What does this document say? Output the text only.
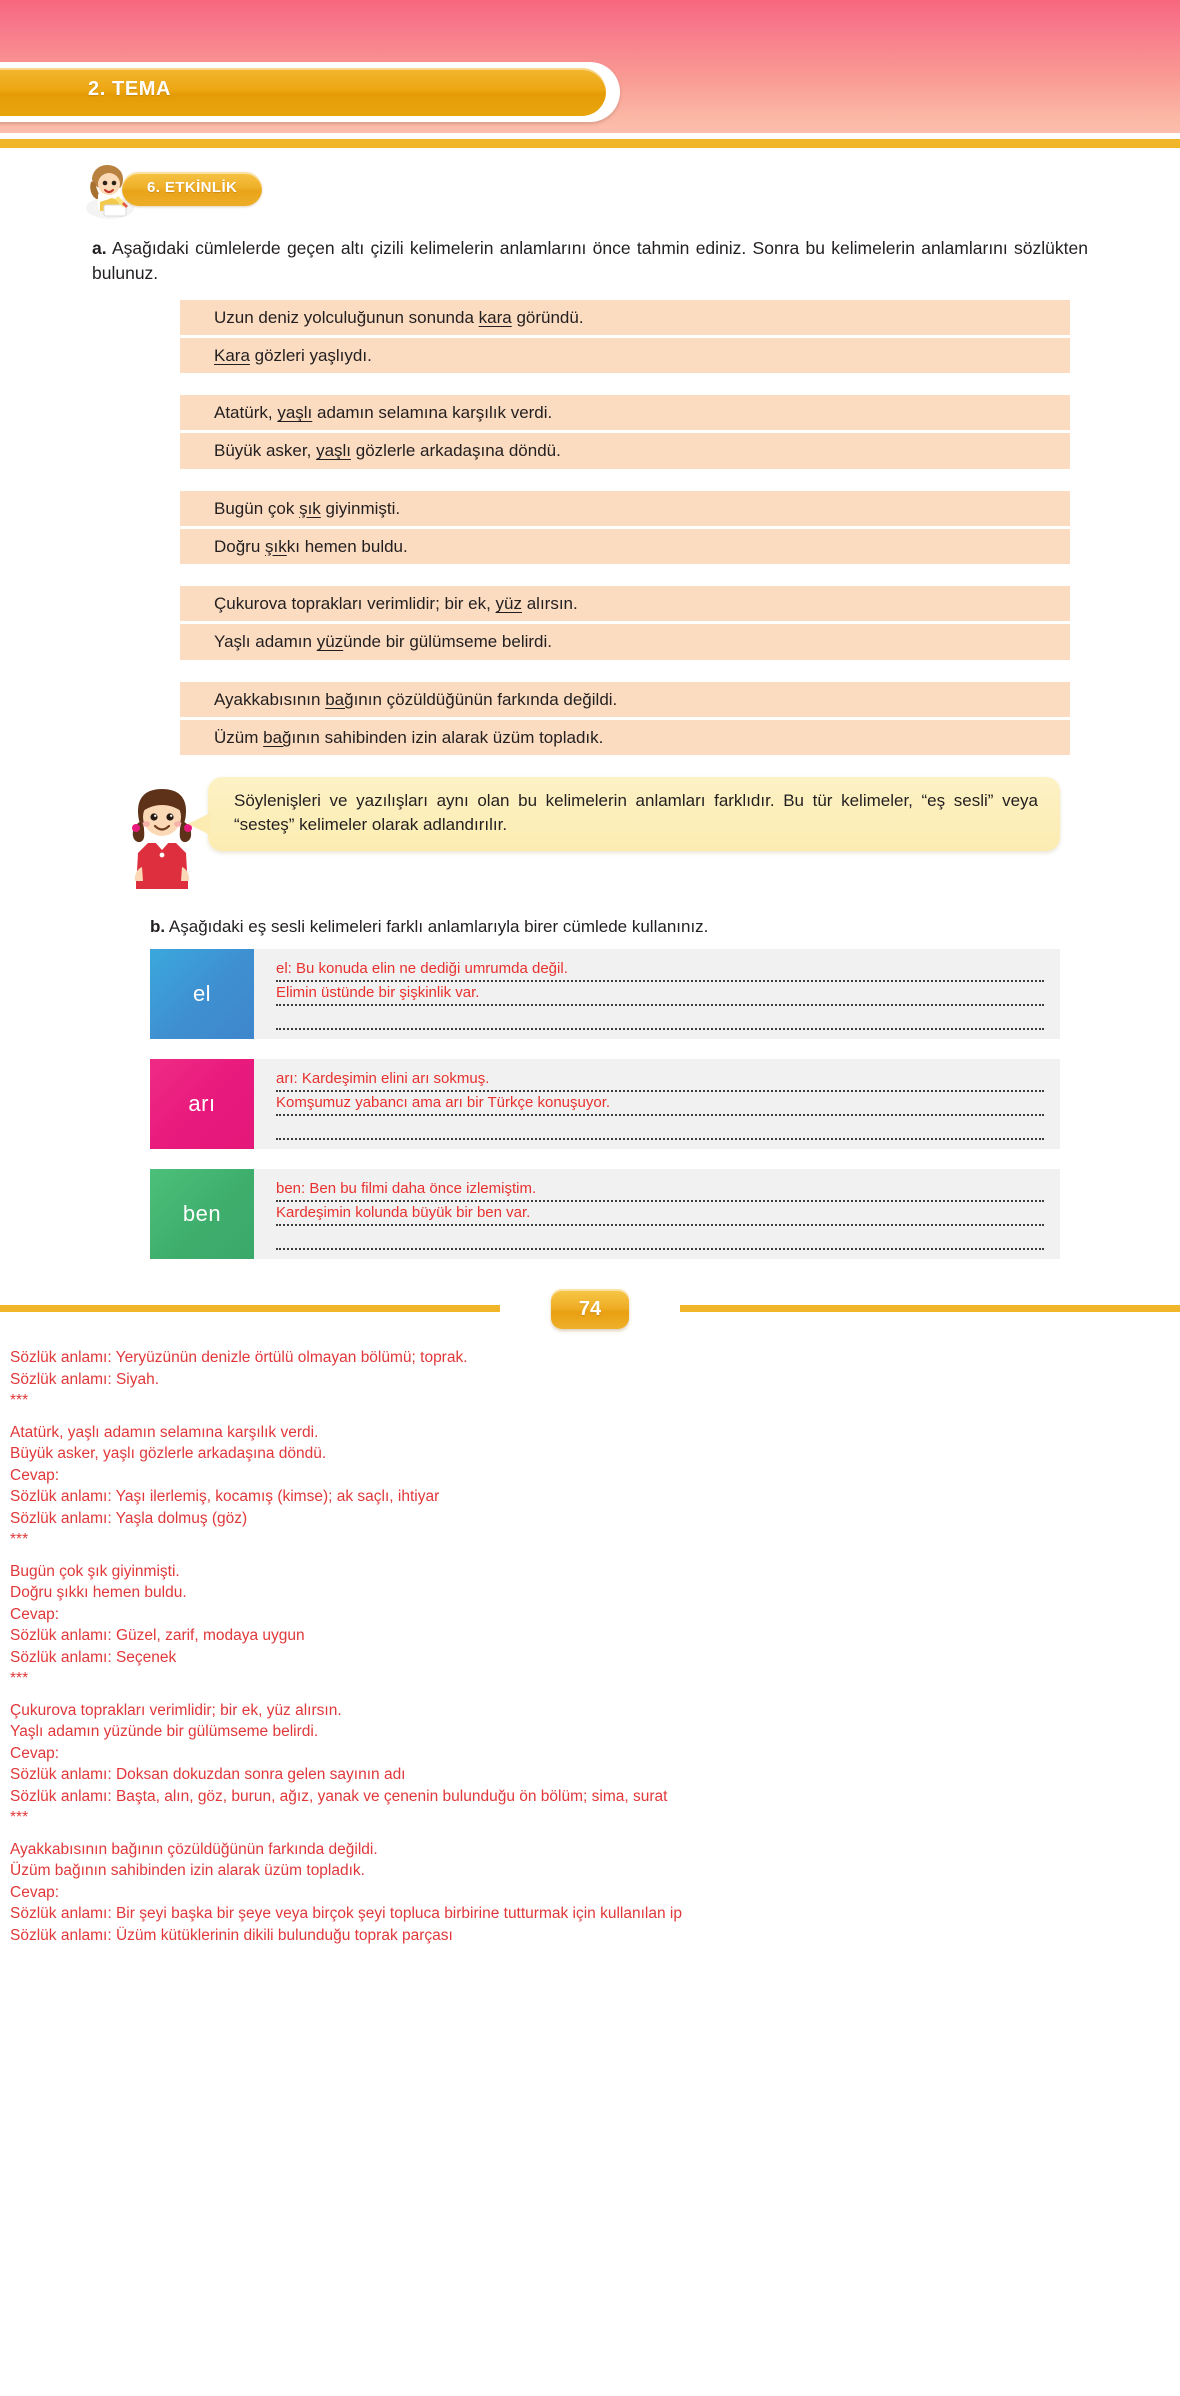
2. TEMA
6. ETKİNLİK
a. Aşağıdaki cümlelerde geçen altı çizili kelimelerin anlamlarını önce tahmin ediniz. Sonra bu kelimelerin anlamlarını sözlükten bulunuz.
Uzun deniz yolculuğunun sonunda kara göründü.
Kara gözleri yaşlıydı.
Atatürk, yaşlı adamın selamına karşılık verdi.
Büyük asker, yaşlı gözlerle arkadaşına döndü.
Bugün çok şık giyinmişti.
Doğru şıkkı hemen buldu.
Çukurova toprakları verimlidir; bir ek, yüz alırsın.
Yaşlı adamın yüzünde bir gülümseme belirdi.
Ayakkabısının bağının çözüldüğünün farkında değildi.
Üzüm bağının sahibinden izin alarak üzüm topladık.
Söylenişleri ve yazılışları aynı olan bu kelimelerin anlamları farklıdır. Bu tür kelimeler, “eş sesli” veya “sesteş” kelimeler olarak adlandırılır.
b. Aşağıdaki eş sesli kelimeleri farklı anlamlarıyla birer cümlede kullanınız.
el
el: Bu konuda elin ne dediği umrumda değil.
Elimin üstünde bir şişkinlik var.

arı
arı: Kardeşimin elini arı sokmuş.
Komşumuz yabancı ama arı bir Türkçe konuşuyor.

ben
ben: Ben bu filmi daha önce izlemiştim.
Kardeşimin kolunda büyük bir ben var.

74
Sözlük anlamı: Yeryüzünün denizle örtülü olmayan bölümü; toprak.
Sözlük anlamı: Siyah.
***
Atatürk, yaşlı adamın selamına karşılık verdi.
Büyük asker, yaşlı gözlerle arkadaşına döndü.
Cevap:
Sözlük anlamı: Yaşı ilerlemiş, kocamış (kimse); ak saçlı, ihtiyar
Sözlük anlamı: Yaşla dolmuş (göz)
***
Bugün çok şık giyinmişti.
Doğru şıkkı hemen buldu.
Cevap:
Sözlük anlamı: Güzel, zarif, modaya uygun
Sözlük anlamı: Seçenek
***
Çukurova toprakları verimlidir; bir ek, yüz alırsın.
Yaşlı adamın yüzünde bir gülümseme belirdi.
Cevap:
Sözlük anlamı: Doksan dokuzdan sonra gelen sayının adı
Sözlük anlamı: Başta, alın, göz, burun, ağız, yanak ve çenenin bulunduğu ön bölüm; sima, surat
***
Ayakkabısının bağının çözüldüğünün farkında değildi.
Üzüm bağının sahibinden izin alarak üzüm topladık.
Cevap:
Sözlük anlamı: Bir şeyi başka bir şeye veya birçok şeyi topluca birbirine tutturmak için kullanılan ip
Sözlük anlamı: Üzüm kütüklerinin dikili bulunduğu toprak parçası
